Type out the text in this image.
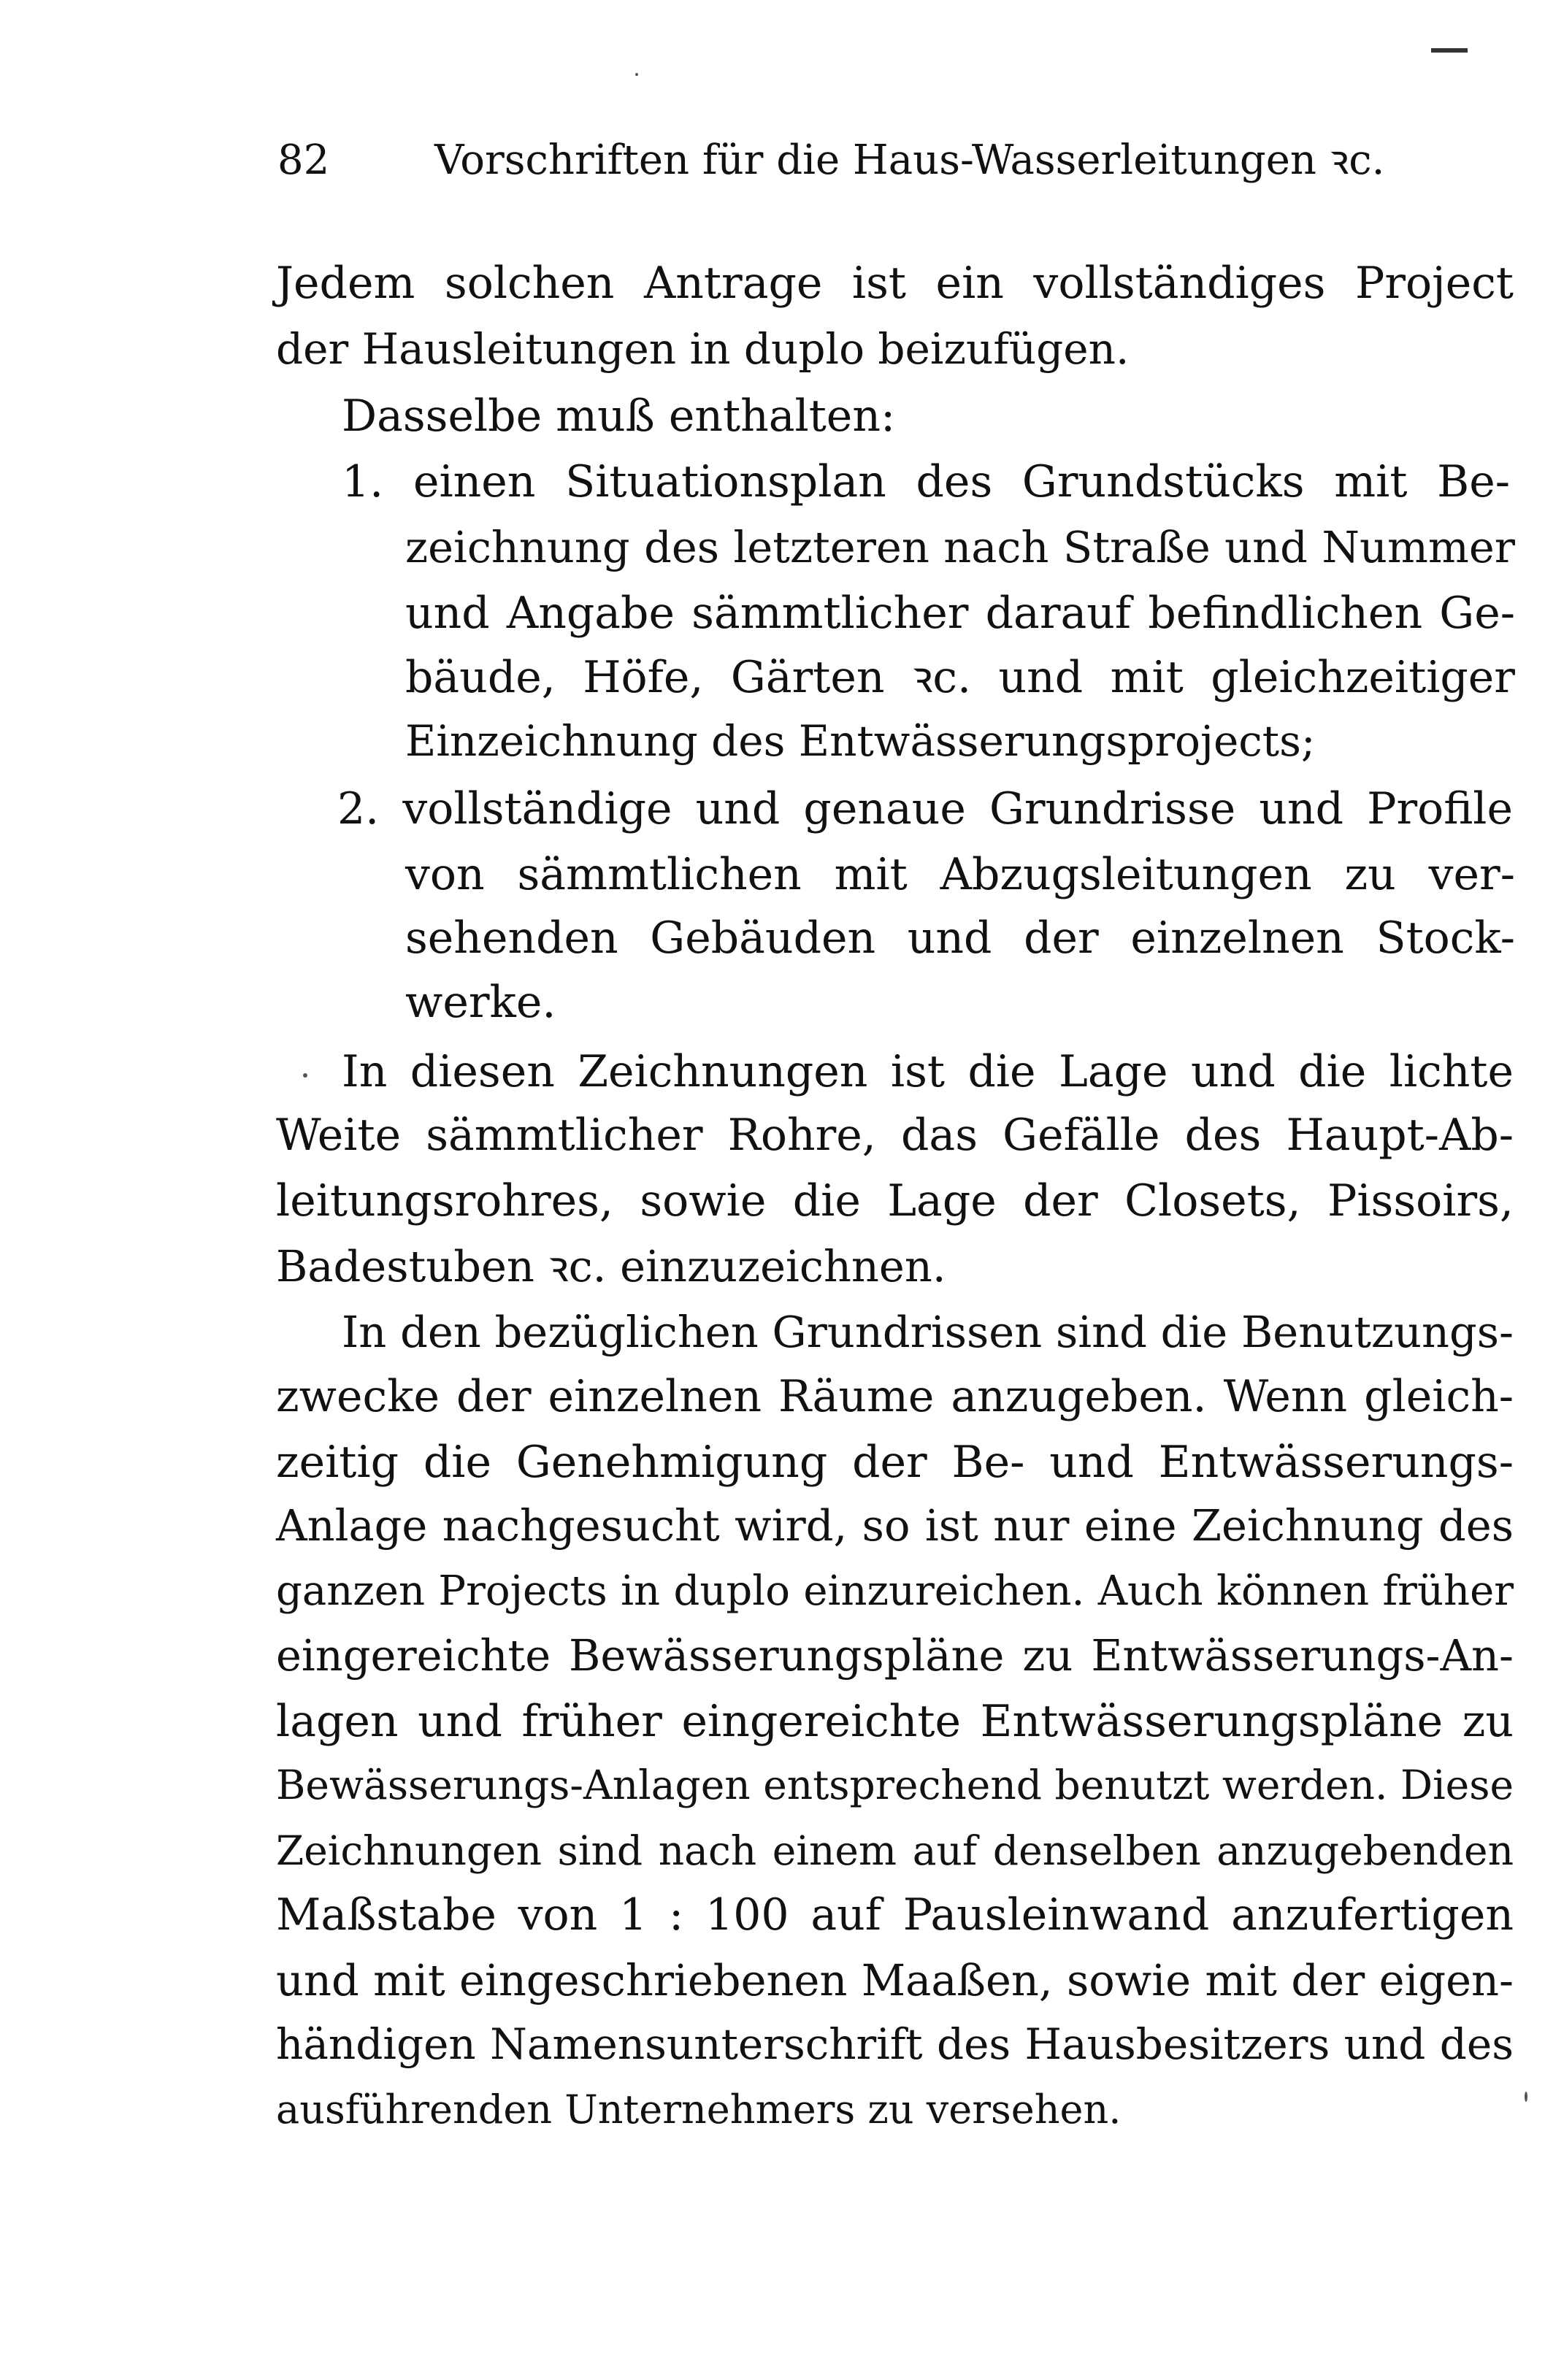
82	Vorschriften für die Haus-Wasserleitungen ꝛc.
Jedem solchen Antrage ist ein vollständiges Project
der Hausleitungen in duplo beizufügen.
Dasselbe muß enthalten:
1. einen Situationsplan des Grundstücks mit Be-
zeichnung des letzteren nach Straße und Nummer
und Angabe sämmtlicher darauf befindlichen Ge-
bäude, Höfe, Gärten ꝛc. und mit gleichzeitiger
Einzeichnung des Entwässerungsprojects;
2. vollständige und genaue Grundrisse und Profile
von sämmtlichen mit Abzugsleitungen zu ver-
sehenden Gebäuden und der einzelnen Stock-
werke.
In diesen Zeichnungen ist die Lage und die lichte
Weite sämmtlicher Rohre, das Gefälle des Haupt-Ab-
leitungsrohres, sowie die Lage der Closets, Pissoirs,
Badestuben ꝛc. einzuzeichnen.
In den bezüglichen Grundrissen sind die Benutzungs-
zwecke der einzelnen Räume anzugeben. Wenn gleich-
zeitig die Genehmigung der Be- und Entwässerungs-
Anlage nachgesucht wird, so ist nur eine Zeichnung des
ganzen Projects in duplo einzureichen. Auch können früher
eingereichte Bewässerungspläne zu Entwässerungs-An-
lagen und früher eingereichte Entwässerungspläne zu
Bewässerungs-Anlagen entsprechend benutzt werden. Diese
Zeichnungen sind nach einem auf denselben anzugebenden
Maßstabe von 1 : 100 auf Pausleinwand anzufertigen
und mit eingeschriebenen Maaßen, sowie mit der eigen-
händigen Namensunterschrift des Hausbesitzers und des
ausführenden Unternehmers zu versehen.
